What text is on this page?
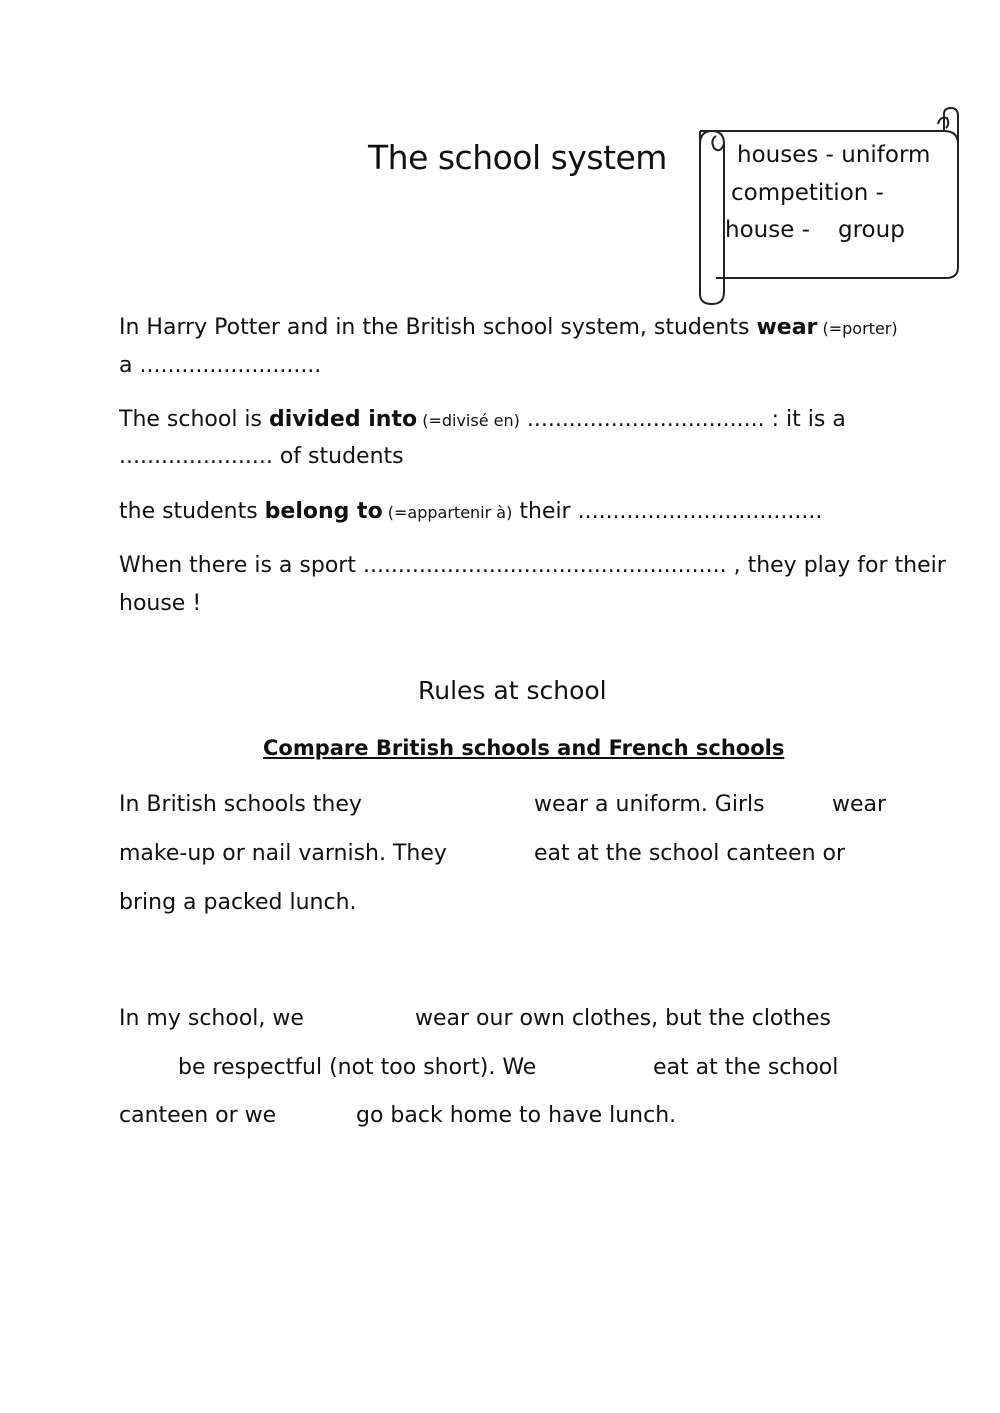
The school system	houses - uniform
competition -
house - group
In Harry Potter and in the British school system, students wear (=porter)
a ..........................
The school is divided into (=divisé en) .................................. : it is a
...................... of students
the students belong to (=appartenir à) their ...................................
When there is a sport .................................................... , they play for their
house !
Rules at school
Compare British schools and French schools
In British schools they	wear a uniform. Girls	wear
make-up or nail varnish. They	eat at the school canteen or
bring a packed lunch.
In my school, we	wear our own clothes, but the clothes
be respectful (not too short). We	eat at the school
canteen or we	go back home to have lunch.
